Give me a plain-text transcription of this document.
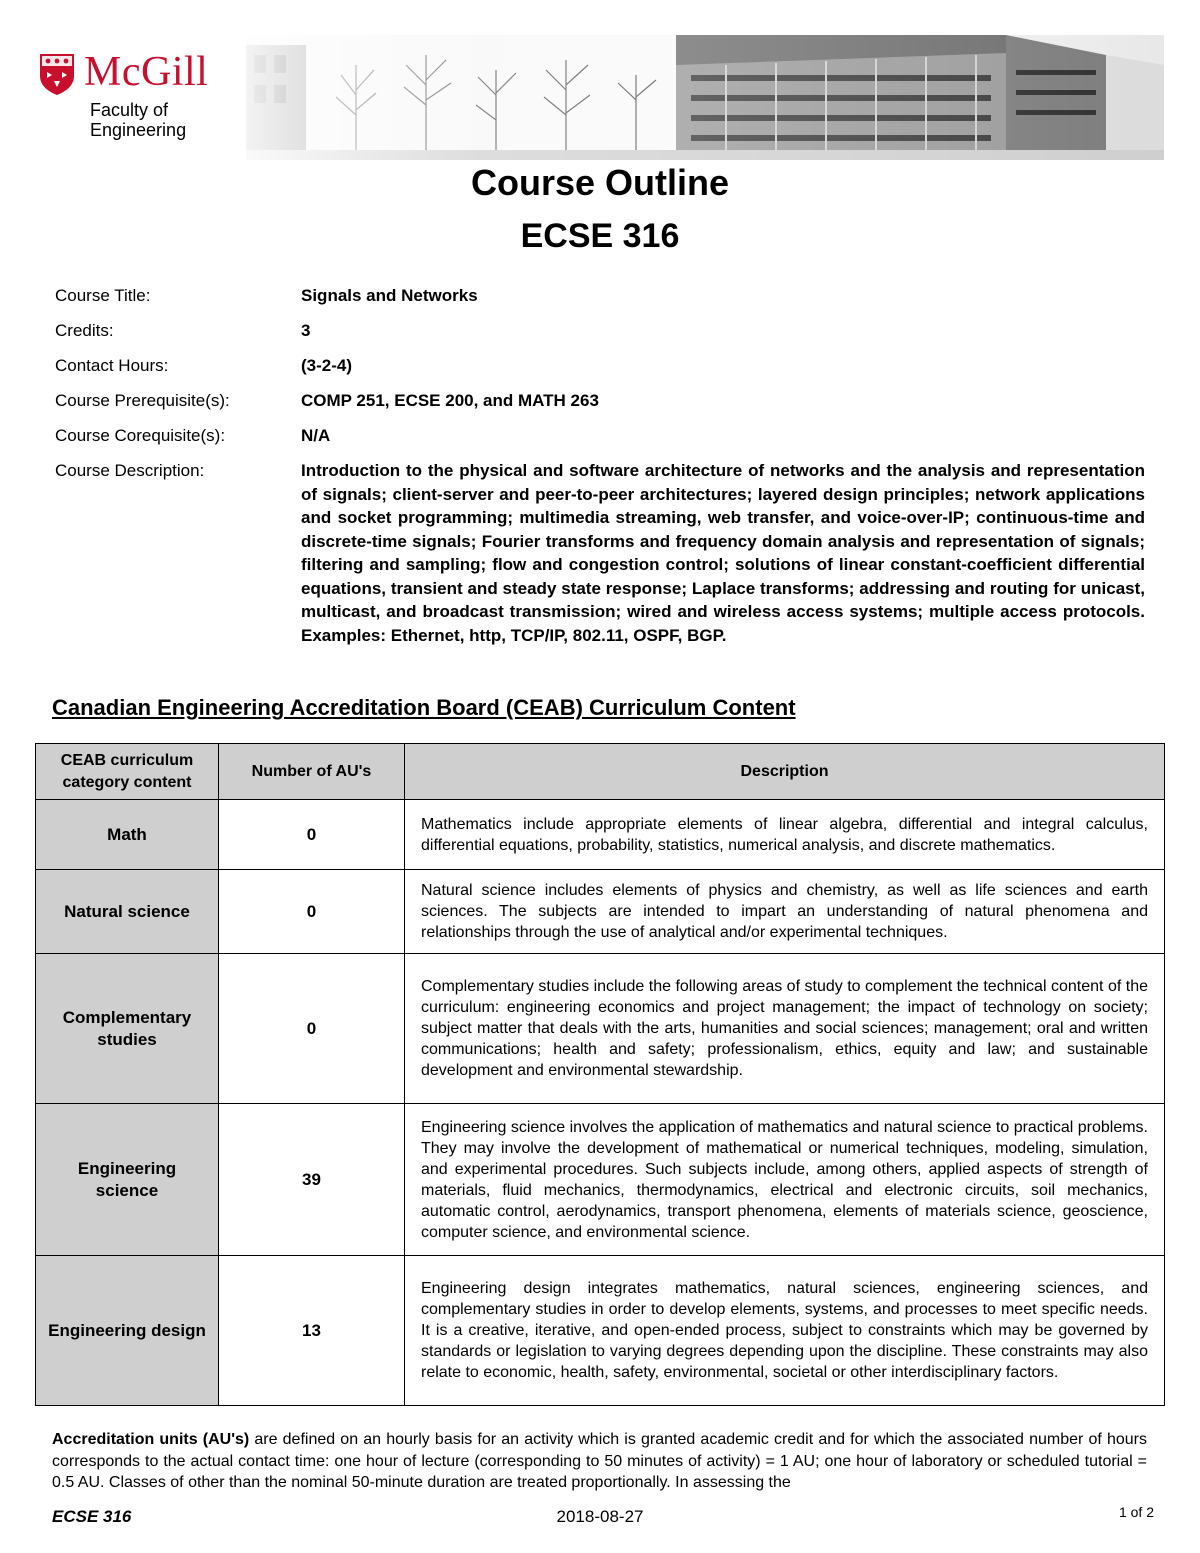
McGill
Faculty of
Engineering
Course Outline
ECSE 316
Course Title:	Signals and Networks
Credits:	3
Contact Hours:	(3-2-4)
Course Prerequisite(s):	COMP 251, ECSE 200, and MATH 263
Course Corequisite(s):	N/A
Course Description:	Introduction to the physical and software architecture of networks and the analysis and representation of signals; client-server and peer-to-peer architectures; layered design principles; network applications and socket programming; multimedia streaming, web transfer, and voice-over-IP; continuous-time and discrete-time signals; Fourier transforms and frequency domain analysis and representation of signals; filtering and sampling; flow and congestion control; solutions of linear constant-coefficient differential equations, transient and steady state response; Laplace transforms; addressing and routing for unicast, multicast, and broadcast transmission; wired and wireless access systems; multiple access protocols. Examples: Ethernet, http, TCP/IP, 802.11, OSPF, BGP.
Canadian Engineering Accreditation Board (CEAB) Curriculum Content
CEAB curriculum category content	Number of AU's	Description
Math	0	Mathematics include appropriate elements of linear algebra, differential and integral calculus, differential equations, probability, statistics, numerical analysis, and discrete mathematics.
Natural science	0	Natural science includes elements of physics and chemistry, as well as life sciences and earth sciences. The subjects are intended to impart an understanding of natural phenomena and relationships through the use of analytical and/or experimental techniques.
Complementary studies	0	Complementary studies include the following areas of study to complement the technical content of the curriculum: engineering economics and project management; the impact of technology on society; subject matter that deals with the arts, humanities and social sciences; management; oral and written communications; health and safety; professionalism, ethics, equity and law; and sustainable development and environmental stewardship.
Engineering science	39	Engineering science involves the application of mathematics and natural science to practical problems. They may involve the development of mathematical or numerical techniques, modeling, simulation, and experimental procedures. Such subjects include, among others, applied aspects of strength of materials, fluid mechanics, thermodynamics, electrical and electronic circuits, soil mechanics, automatic control, aerodynamics, transport phenomena, elements of materials science, geoscience, computer science, and environmental science.
Engineering design	13	Engineering design integrates mathematics, natural sciences, engineering sciences, and complementary studies in order to develop elements, systems, and processes to meet specific needs. It is a creative, iterative, and open-ended process, subject to constraints which may be governed by standards or legislation to varying degrees depending upon the discipline. These constraints may also relate to economic, health, safety, environmental, societal or other interdisciplinary factors.
Accreditation units (AU's) are defined on an hourly basis for an activity which is granted academic credit and for which the associated number of hours corresponds to the actual contact time: one hour of lecture (corresponding to 50 minutes of activity) = 1 AU; one hour of laboratory or scheduled tutorial = 0.5 AU. Classes of other than the nominal 50-minute duration are treated proportionally. In assessing the
ECSE 316	2018-08-27	1 of 2
